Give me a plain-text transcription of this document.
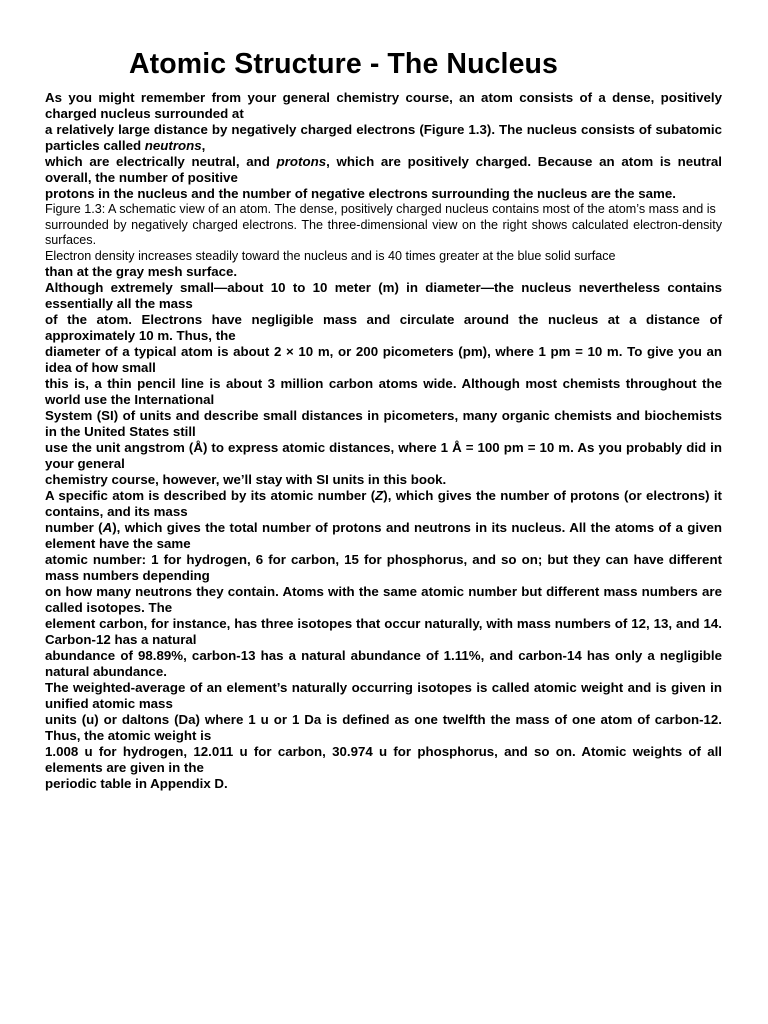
Atomic Structure - The Nucleus

As you might remember from your general chemistry course, an atom consists of a dense, positively charged nucleus surrounded at

a relatively large distance by negatively charged electrons (Figure 1.3). The nucleus consists of subatomic particles called neutrons,

which are electrically neutral, and protons, which are positively charged. Because an atom is neutral overall, the number of positive

protons in the nucleus and the number of negative electrons surrounding the nucleus are the same.

Figure 1.3: A schematic view of an atom. The dense, positively charged nucleus contains most of the atom’s mass and is

surrounded by negatively charged electrons. The three-dimensional view on the right shows calculated electron-density surfaces.

Electron density increases steadily toward the nucleus and is 40 times greater at the blue solid surface

than at the gray mesh surface.

Although extremely small—about 10 to 10 meter (m) in diameter—the nucleus nevertheless contains essentially all the mass

of the atom. Electrons have negligible mass and circulate around the nucleus at a distance of approximately 10 m. Thus, the

diameter of a typical atom is about 2 × 10 m, or 200 picometers (pm), where 1 pm = 10 m. To give you an idea of how small

this is, a thin pencil line is about 3 million carbon atoms wide. Although most chemists throughout the world use the International

System (SI) of units and describe small distances in picometers, many organic chemists and biochemists in the United States still

use the unit angstrom (Å) to express atomic distances, where 1 Å = 100 pm = 10 m. As you probably did in your general

chemistry course, however, we’ll stay with SI units in this book.

A specific atom is described by its atomic number (Z), which gives the number of protons (or electrons) it contains, and its mass

number (A), which gives the total number of protons and neutrons in its nucleus. All the atoms of a given element have the same

atomic number: 1 for hydrogen, 6 for carbon, 15 for phosphorus, and so on; but they can have different mass numbers depending

on how many neutrons they contain. Atoms with the same atomic number but different mass numbers are called isotopes. The

element carbon, for instance, has three isotopes that occur naturally, with mass numbers of 12, 13, and 14. Carbon-12 has a natural

abundance of 98.89%, carbon-13 has a natural abundance of 1.11%, and carbon-14 has only a negligible natural abundance.

The weighted-average of an element’s naturally occurring isotopes is called atomic weight and is given in unified atomic mass

units (u) or daltons (Da) where 1 u or 1 Da is defined as one twelfth the mass of one atom of carbon-12. Thus, the atomic weight is

1.008 u for hydrogen, 12.011 u for carbon, 30.974 u for phosphorus, and so on. Atomic weights of all elements are given in the

periodic table in Appendix D.
